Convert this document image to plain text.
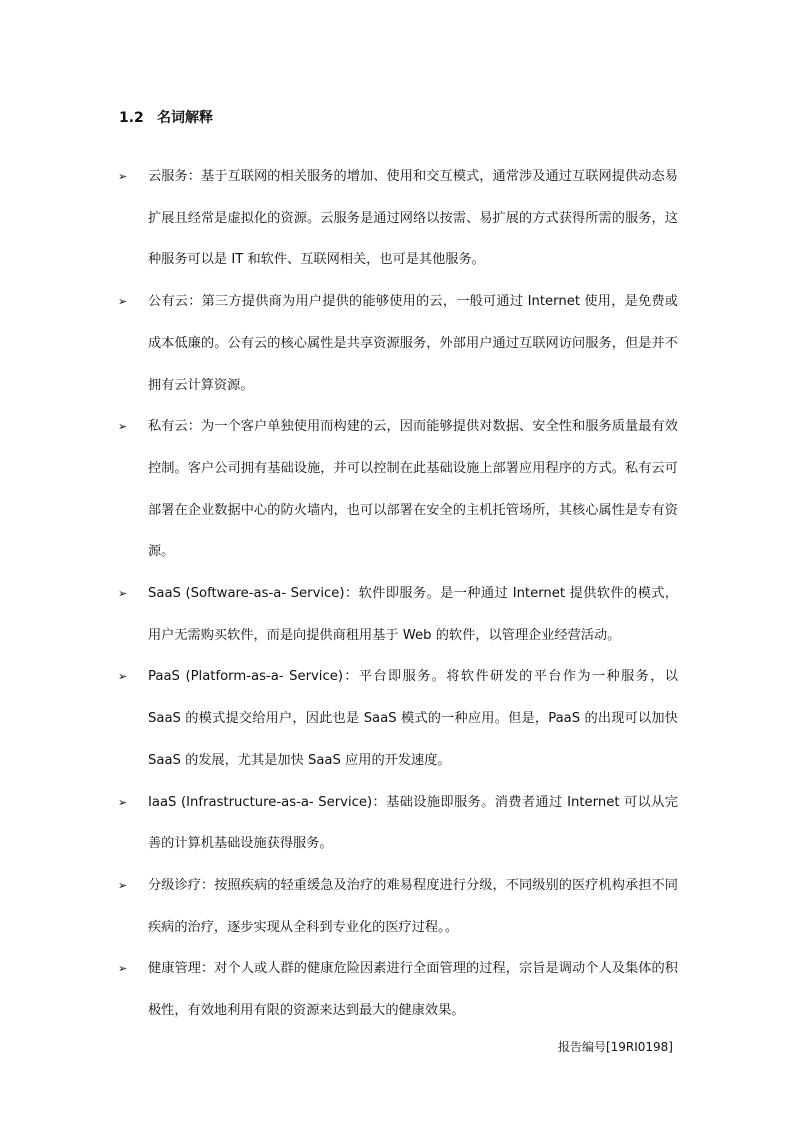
1.2 名词解释
➢ 云服务：基于互联网的相关服务的增加、使用和交互模式，通常涉及通过互联网提供动态易扩展且经常是虚拟化的资源。云服务是通过网络以按需、易扩展的方式获得所需的服务，这种服务可以是 IT 和软件、互联网相关，也可是其他服务。
➢ 公有云：第三方提供商为用户提供的能够使用的云，一般可通过 Internet 使用，是免费或成本低廉的。公有云的核心属性是共享资源服务，外部用户通过互联网访问服务，但是并不拥有云计算资源。
➢ 私有云：为一个客户单独使用而构建的云，因而能够提供对数据、安全性和服务质量最有效控制。客户公司拥有基础设施，并可以控制在此基础设施上部署应用程序的方式。私有云可部署在企业数据中心的防火墙内，也可以部署在安全的主机托管场所，其核心属性是专有资源。
➢ SaaS (Software-as-a- Service)：软件即服务。是一种通过 Internet 提供软件的模式，用户无需购买软件，而是向提供商租用基于 Web 的软件，以管理企业经营活动。
➢ PaaS (Platform-as-a- Service)：平台即服务。将软件研发的平台作为一种服务，以 SaaS 的模式提交给用户，因此也是 SaaS 模式的一种应用。但是，PaaS 的出现可以加快 SaaS 的发展，尤其是加快 SaaS 应用的开发速度。
➢ IaaS (Infrastructure-as-a- Service)：基础设施即服务。消费者通过 Internet 可以从完善的计算机基础设施获得服务。
➢ 分级诊疗：按照疾病的轻重缓急及治疗的难易程度进行分级，不同级别的医疗机构承担不同疾病的治疗，逐步实现从全科到专业化的医疗过程。。
➢ 健康管理：对个人或人群的健康危险因素进行全面管理的过程，宗旨是调动个人及集体的积极性，有效地利用有限的资源来达到最大的健康效果。
报告编号[19RI0198]
